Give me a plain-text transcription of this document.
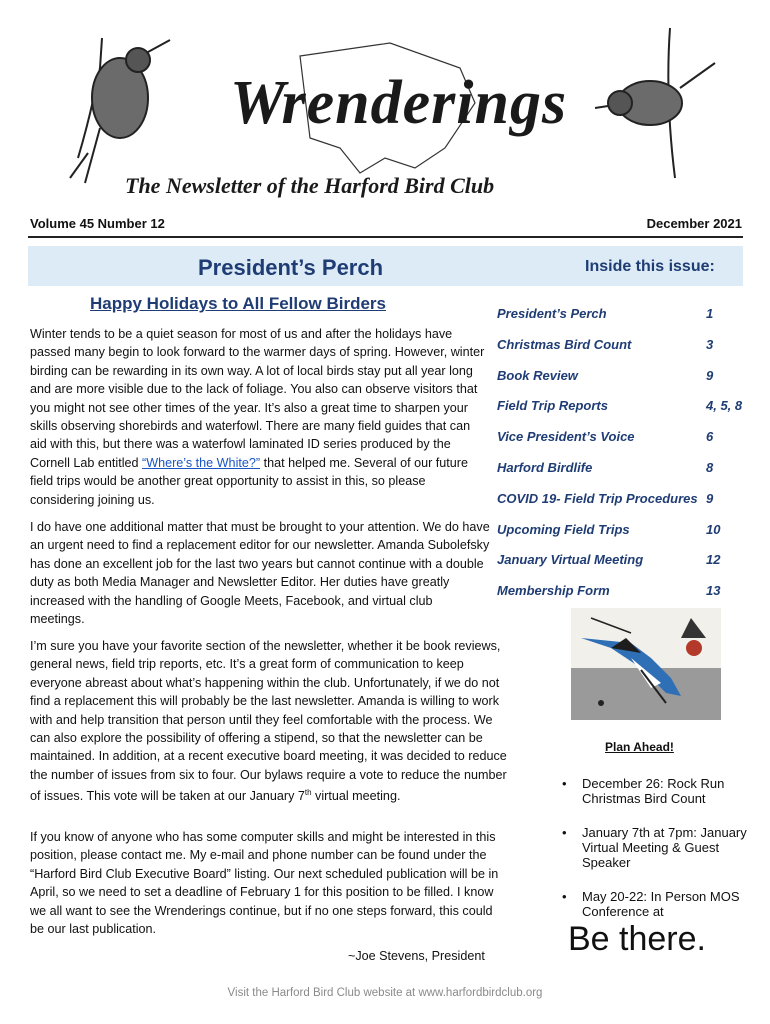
Wrenderings
The Newsletter of the Harford Bird Club
Volume 45 Number 12	December 2021
President’s Perch	Inside this issue:
Happy Holidays to All Fellow Birders

Winter tends to be a quiet season for most of us and after the holidays have passed many begin to look forward to the warmer days of spring. However, winter birding can be rewarding in its own way. A lot of local birds stay put all year long and are more visible due to the lack of foliage. You also can observe visitors that you might not see other times of the year. It’s also a great time to sharpen your skills observing shorebirds and waterfowl. There are many field guides that can aid with this, but there was a waterfowl laminated ID series produced by the Cornell Lab entitled “Where’s the White?” that helped me. Several of our future field trips would be another great opportunity to assist in this, so please considering joining us.

I do have one additional matter that must be brought to your attention. We do have an urgent need to find a replacement editor for our newsletter. Amanda Subolefsky has done an excellent job for the last two years but cannot continue with a double duty as both Media Manager and Newsletter Editor. Her duties have greatly increased with the handling of Google Meets, Facebook, and virtual club meetings.

I’m sure you have your favorite section of the newsletter, whether it be book reviews, general news, field trip reports, etc. It’s a great form of communication to keep everyone abreast about what’s happening within the club. Unfortunately, if we do not find a replacement this will probably be the last newsletter. Amanda is willing to work with and help transition that person until they feel comfortable with the process. We can also explore the possibility of offering a stipend, so that the newsletter can be maintained. In addition, at a recent executive board meeting, it was decided to reduce the number of issues from six to four. Our bylaws require a vote to reduce the number of issues. This vote will be taken at our January 7th virtual meeting.

If you know of anyone who has some computer skills and might be interested in this position, please contact me. My e-mail and phone number can be found under the “Harford Bird Club Executive Board” listing. Our next scheduled publication will be in April, so we need to set a deadline of February 1 for this position to be filled. I know we all want to see the Wrenderings continue, but if no one steps forward, this could be our last publication.

~Joe Stevens, President
President’s Perch	1
Christmas Bird Count	3
Book Review	9
Field Trip Reports	4, 5, 8
Vice President’s Voice	6
Harford Birdlife	8
COVID 19- Field Trip Procedures 9
Upcoming Field Trips	10
January Virtual Meeting	12
Membership Form	13
Plan Ahead!
• December 26: Rock Run Christmas Bird Count
• January 7th at 7pm: January Virtual Meeting & Guest Speaker
• May 20-22: In Person MOS Conference at
Be there.
Visit the Harford Bird Club website at www.harfordbirdclub.org
